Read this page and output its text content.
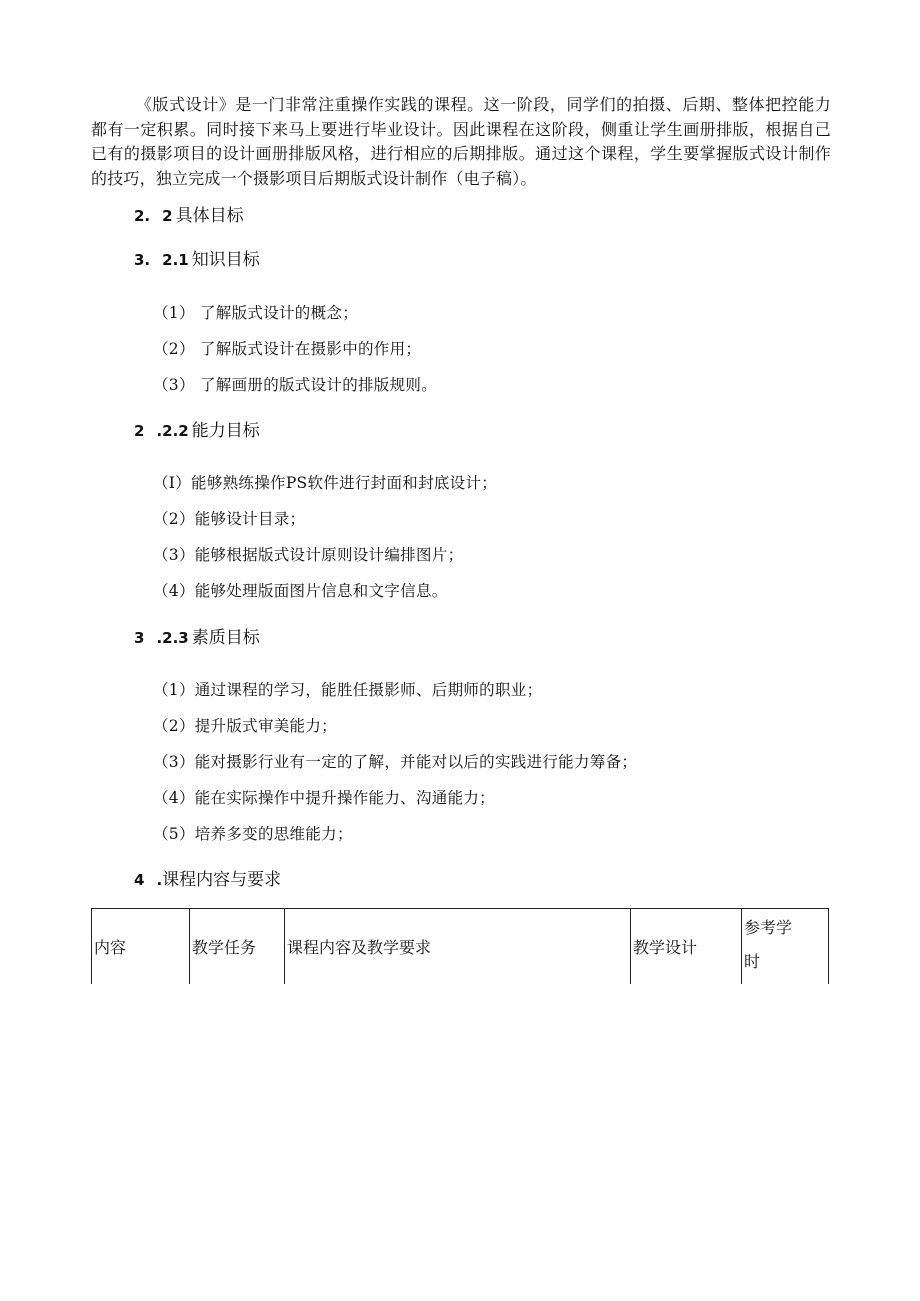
《版式设计》是一门非常注重操作实践的课程。这一阶段，同学们的拍摄、后期、整体把控能力都有一定积累。同时接下来马上要进行毕业设计。因此课程在这阶段，侧重让学生画册排版，根据自己已有的摄影项目的设计画册排版风格，进行相应的后期排版。通过这个课程，学生要掌握版式设计制作的技巧，独立完成一个摄影项目后期版式设计制作（电子稿）。

2. 2 具体目标
3. 2.1 知识目标
（1） 了解版式设计的概念；
（2） 了解版式设计在摄影中的作用；
（3） 了解画册的版式设计的排版规则。
2 .2.2 能力目标
（I）能够熟练操作PS软件进行封面和封底设计；
（2）能够设计目录；
（3）能够根据版式设计原则设计编排图片；
（4）能够处理版面图片信息和文字信息。
3 .2.3 素质目标
（1）通过课程的学习，能胜任摄影师、后期师的职业；
（2）提升版式审美能力；
（3）能对摄影行业有一定的了解，并能对以后的实践进行能力筹备；
（4）能在实际操作中提升操作能力、沟通能力；
（5）培养多变的思维能力；
4 .课程内容与要求
内容	教学任务	课程内容及教学要求	教学设计	参考学
时
